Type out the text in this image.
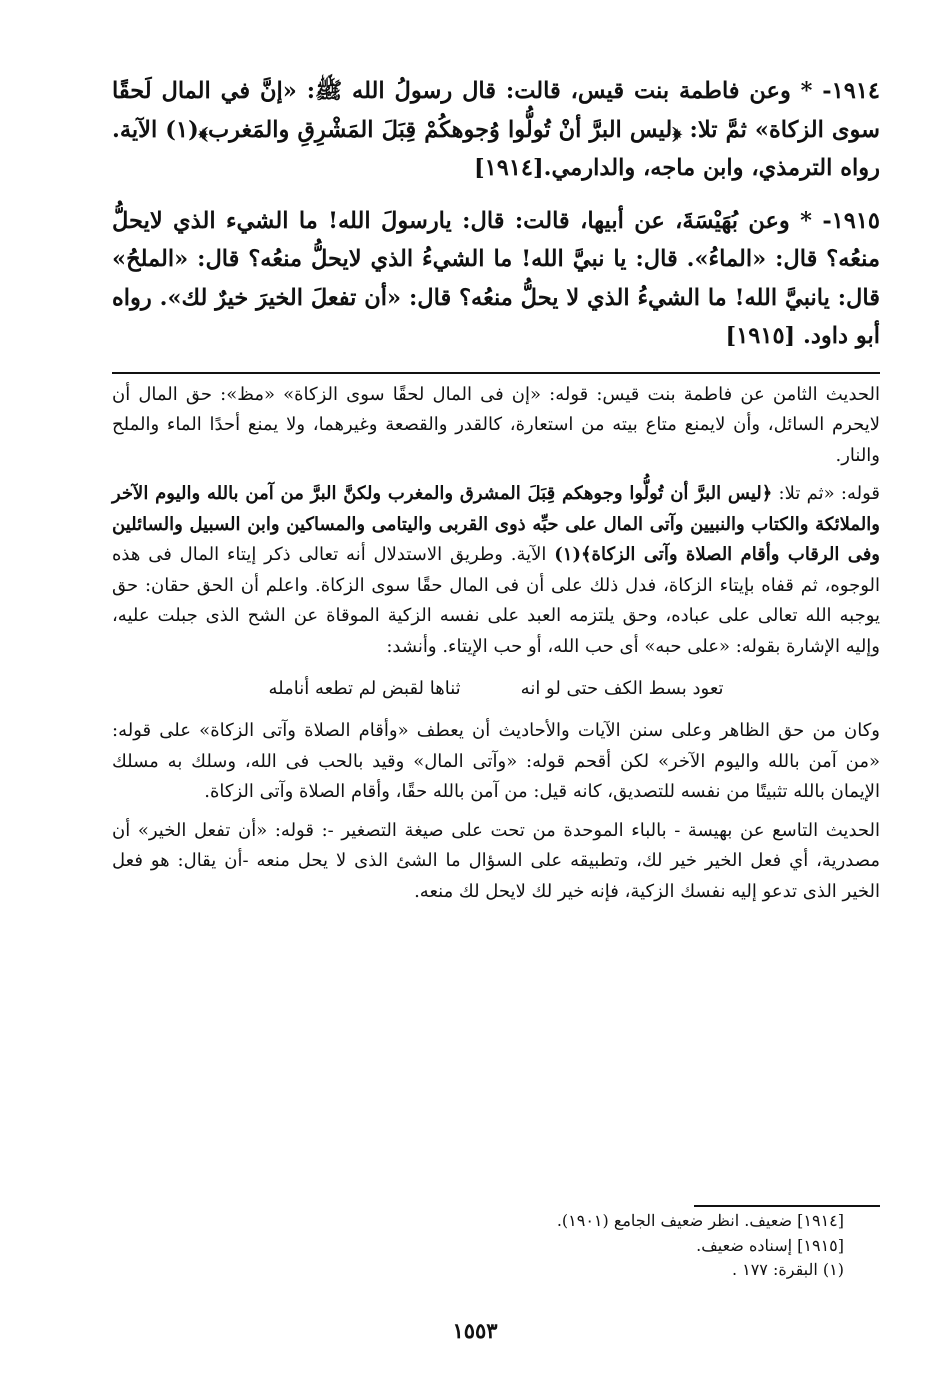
١٩١٤- * وعن فاطمة بنت قيس، قالت: قال رسولُ الله ﷺ: «إنَّ في المال لَحقًا سوى الزكاة» ثمَّ تلا: ﴿ليس البرَّ أنْ تُولُّوا وُجوهكُمْ قِبَلَ المَشْرِقِ والمَغرب﴾(١) الآية. رواه الترمذي، وابن ماجه، والدارمي.[١٩١٤]

١٩١٥- * وعن بُهَيْسَةَ، عن أبيها، قالت: قال: يارسولَ الله! ما الشيء الذي لايحلُّ منعُه؟ قال: «الماءُ». قال: يا نبيَّ الله! ما الشيءُ الذي لايحلُّ منعُه؟ قال: «الملحُ» قال: يانبيَّ الله! ما الشيءُ الذي لا يحلُّ منعُه؟ قال: «أن تفعلَ الخيرَ خيرٌ لك». رواه أبو داود. [١٩١٥]

الحديث الثامن عن فاطمة بنت قيس: قوله: «إن فى المال لحقًا سوى الزكاة» «مظ»: حق المال أن لايحرم السائل، وأن لايمنع متاع بيته من استعارة، كالقدر والقصعة وغيرهما، ولا يمنع أحدًا الماء والملح والنار.

قوله: «ثم تلا: ﴿ليس البرَّ أن تُولُّوا وجوهكم قِبَلَ المشرق والمغرب ولكنَّ البرَّ من آمن بالله واليوم الآخر والملائكة والكتاب والنبيين وآتى المال على حبِّه ذوى القربى واليتامى والمساكين وابن السبيل والسائلين وفى الرقاب وأقام الصلاة وآتى الزكاة﴾(١) الآية. وطريق الاستدلال أنه تعالى ذكر إيتاء المال فى هذه الوجوه، ثم قفاه بإيتاء الزكاة، فدل ذلك على أن فى المال حقًا سوى الزكاة. واعلم أن الحق حقان: حق يوجبه الله تعالى على عباده، وحق يلتزمه العبد على نفسه الزكية الموقاة عن الشح الذى جبلت عليه، وإليه الإشارة بقوله: «على حبه» أى حب الله، أو حب الإيتاء. وأنشد:

تعود بسط الكف حتى لو انه
ثناها لقبض لم تطعه أنامله

وكان من حق الظاهر وعلى سنن الآيات والأحاديث أن يعطف «وأقام الصلاة وآتى الزكاة» على قوله: «من آمن بالله واليوم الآخر» لكن أقحم قوله: «وآتى المال» وقيد بالحب فى الله، وسلك به مسلك الإيمان بالله تثبيتًا من نفسه للتصديق، كانه قيل: من آمن بالله حقًا، وأقام الصلاة وآتى الزكاة.

الحديث التاسع عن بهيسة - بالباء الموحدة من تحت على صيغة التصغير -: قوله: «أن تفعل الخير» أن مصدرية، أي فعل الخير خير لك، وتطبيقه على السؤال ما الشئ الذى لا يحل منعه -أن يقال: هو فعل الخير الذى تدعو إليه نفسك الزكية، فإنه خير لك لايحل لك منعه.

[١٩١٤] ضعيف. انظر ضعيف الجامع (١٩٠١).
[١٩١٥] إسناده ضعيف.
(١) البقرة: ١٧٧ .
١٥٥٣
